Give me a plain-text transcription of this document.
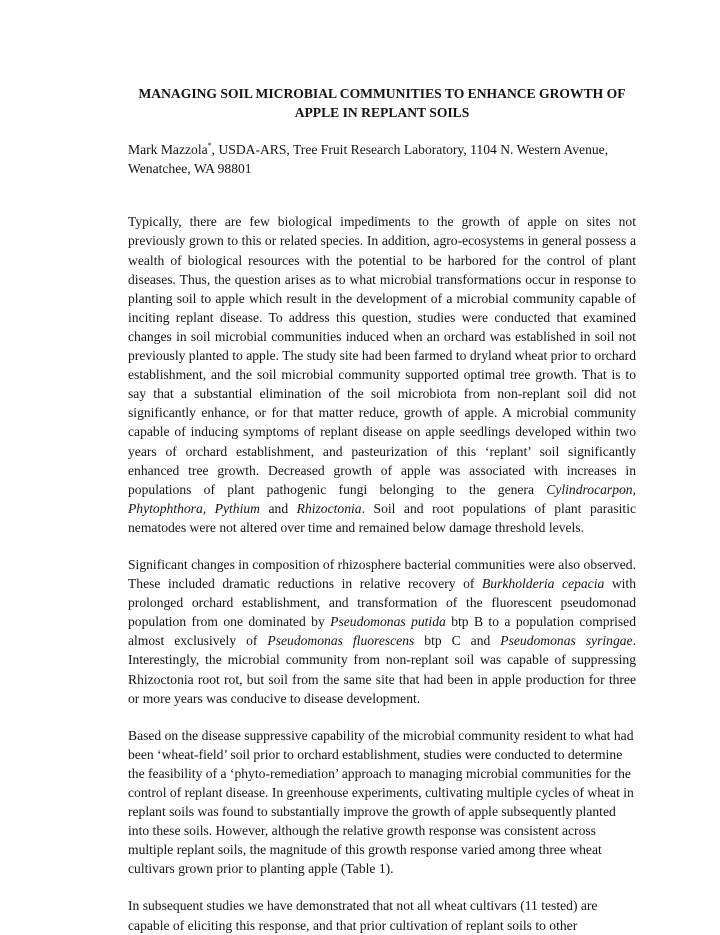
MANAGING SOIL MICROBIAL COMMUNITIES TO ENHANCE GROWTH OF APPLE IN REPLANT SOILS

Mark Mazzola*, USDA-ARS, Tree Fruit Research Laboratory, 1104 N. Western Avenue, Wenatchee, WA 98801

Typically, there are few biological impediments to the growth of apple on sites not previously grown to this or related species. In addition, agro-ecosystems in general possess a wealth of biological resources with the potential to be harbored for the control of plant diseases. Thus, the question arises as to what microbial transformations occur in response to planting soil to apple which result in the development of a microbial community capable of inciting replant disease. To address this question, studies were conducted that examined changes in soil microbial communities induced when an orchard was established in soil not previously planted to apple. The study site had been farmed to dryland wheat prior to orchard establishment, and the soil microbial community supported optimal tree growth. That is to say that a substantial elimination of the soil microbiota from non-replant soil did not significantly enhance, or for that matter reduce, growth of apple. A microbial community capable of inducing symptoms of replant disease on apple seedlings developed within two years of orchard establishment, and pasteurization of this ‘replant’ soil significantly enhanced tree growth. Decreased growth of apple was associated with increases in populations of plant pathogenic fungi belonging to the genera Cylindrocarpon, Phytophthora, Pythium and Rhizoctonia. Soil and root populations of plant parasitic nematodes were not altered over time and remained below damage threshold levels.

Significant changes in composition of rhizosphere bacterial communities were also observed. These included dramatic reductions in relative recovery of Burkholderia cepacia with prolonged orchard establishment, and transformation of the fluorescent pseudomonad population from one dominated by Pseudomonas putida btp B to a population comprised almost exclusively of Pseudomonas fluorescens btp C and Pseudomonas syringae. Interestingly, the microbial community from non-replant soil was capable of suppressing Rhizoctonia root rot, but soil from the same site that had been in apple production for three or more years was conducive to disease development.

Based on the disease suppressive capability of the microbial community resident to what had been ‘wheat-field’ soil prior to orchard establishment, studies were conducted to determine the feasibility of a ‘phyto-remediation’ approach to managing microbial communities for the control of replant disease. In greenhouse experiments, cultivating multiple cycles of wheat in replant soils was found to substantially improve the growth of apple subsequently planted into these soils. However, although the relative growth response was consistent across multiple replant soils, the magnitude of this growth response varied among three wheat cultivars grown prior to planting apple (Table 1).

In subsequent studies we have demonstrated that not all wheat cultivars (11 tested) are capable of eliciting this response, and that prior cultivation of replant soils to other
